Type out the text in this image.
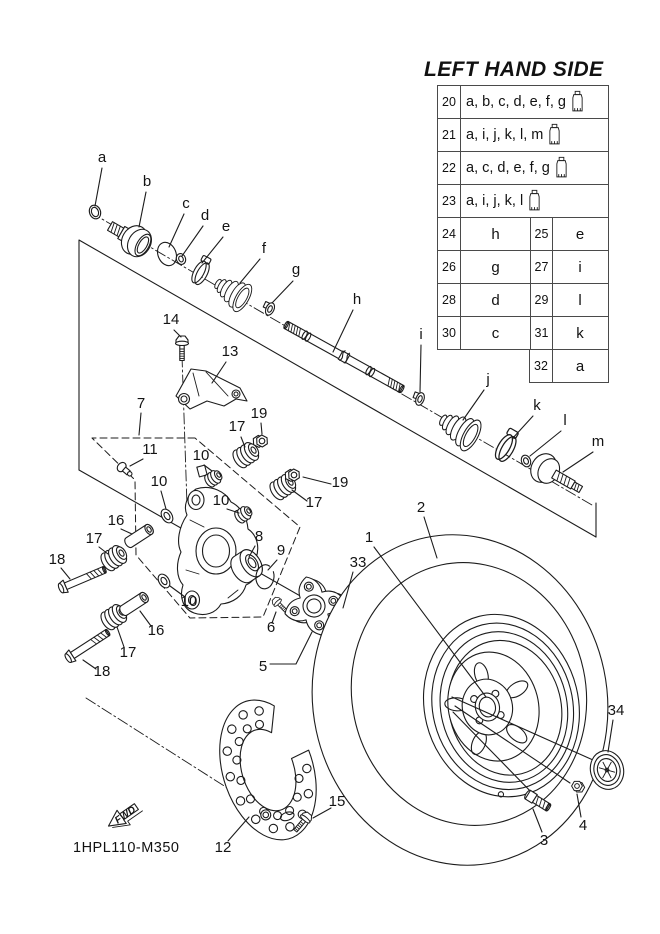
FWD
a
b
c
d
e
f
g
h
i
j
k
l
m
14
13
7
11
10
10
10
10
16
16
17
17
17
17
18
18
19
19
8
9
6
5
33
1
2
34
4
3
15
12
LEFT HAND SIDE
20 a, b, c, d, e, f, g
21 a, i, j, k, l, m
22 a, c, d, e, f, g
23 a, i, j, k, l
24	h	25	e
26	g	27	i
28	d	29	l
30	c	31	k
32	a
1HPL110-M350
